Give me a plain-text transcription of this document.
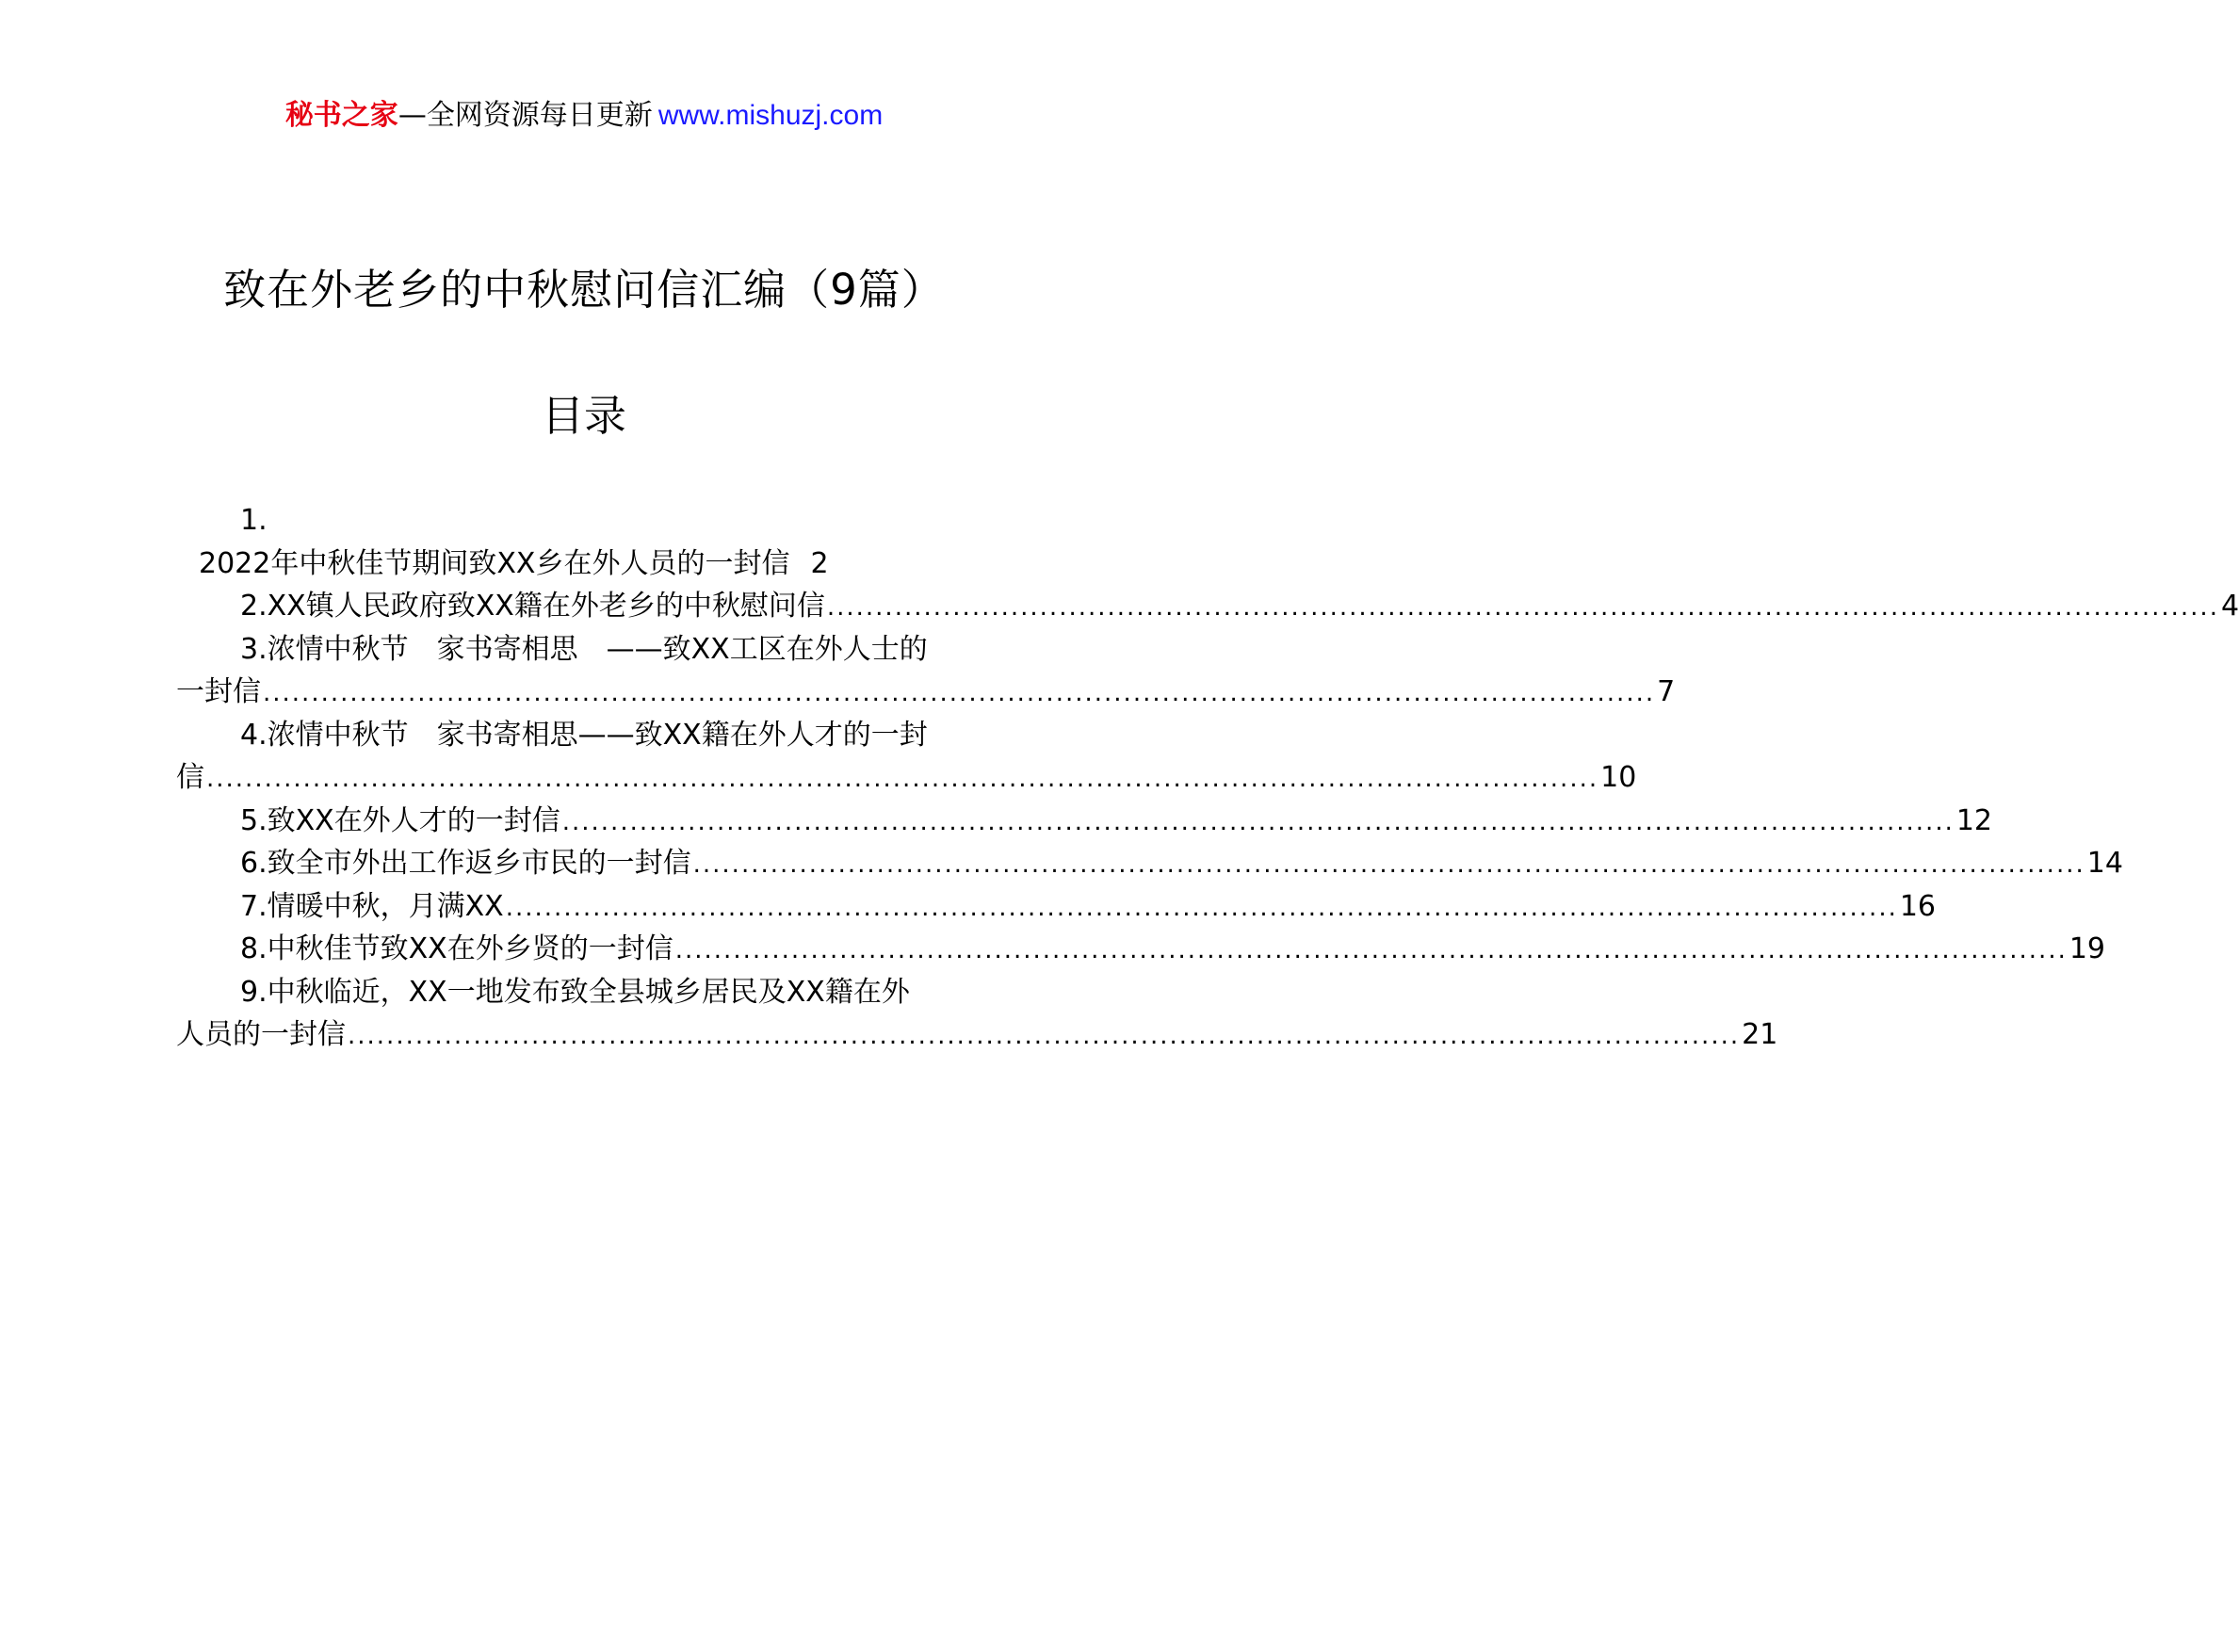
秘书之家—全网资源每日更新 www.mishuzj.com
致在外老乡的中秋慰问信汇编（9篇）
目录
1.
2022年中秋佳节期间致XX乡在外人员的一封信 2
2. XX镇人民政府致XX籍在外老乡的中秋慰问信 ................................................................................................................................................ 4
3. 浓情中秋节　家书寄相思　——致XX工区在外人士的
一封信 ................................................................................................................................................ 7
4. 浓情中秋节　家书寄相思——致XX籍在外人才的一封
信 ................................................................................................................................................ 10
5. 致XX在外人才的一封信 ................................................................................................................................................ 12
6. 致全市外出工作返乡市民的一封信 ................................................................................................................................................ 14
7. 情暖中秋，月满XX ................................................................................................................................................ 16
8. 中秋佳节致XX在外乡贤的一封信 ................................................................................................................................................ 19
9. 中秋临近，XX一地发布致全县城乡居民及XX籍在外
人员的一封信 ................................................................................................................................................ 21
